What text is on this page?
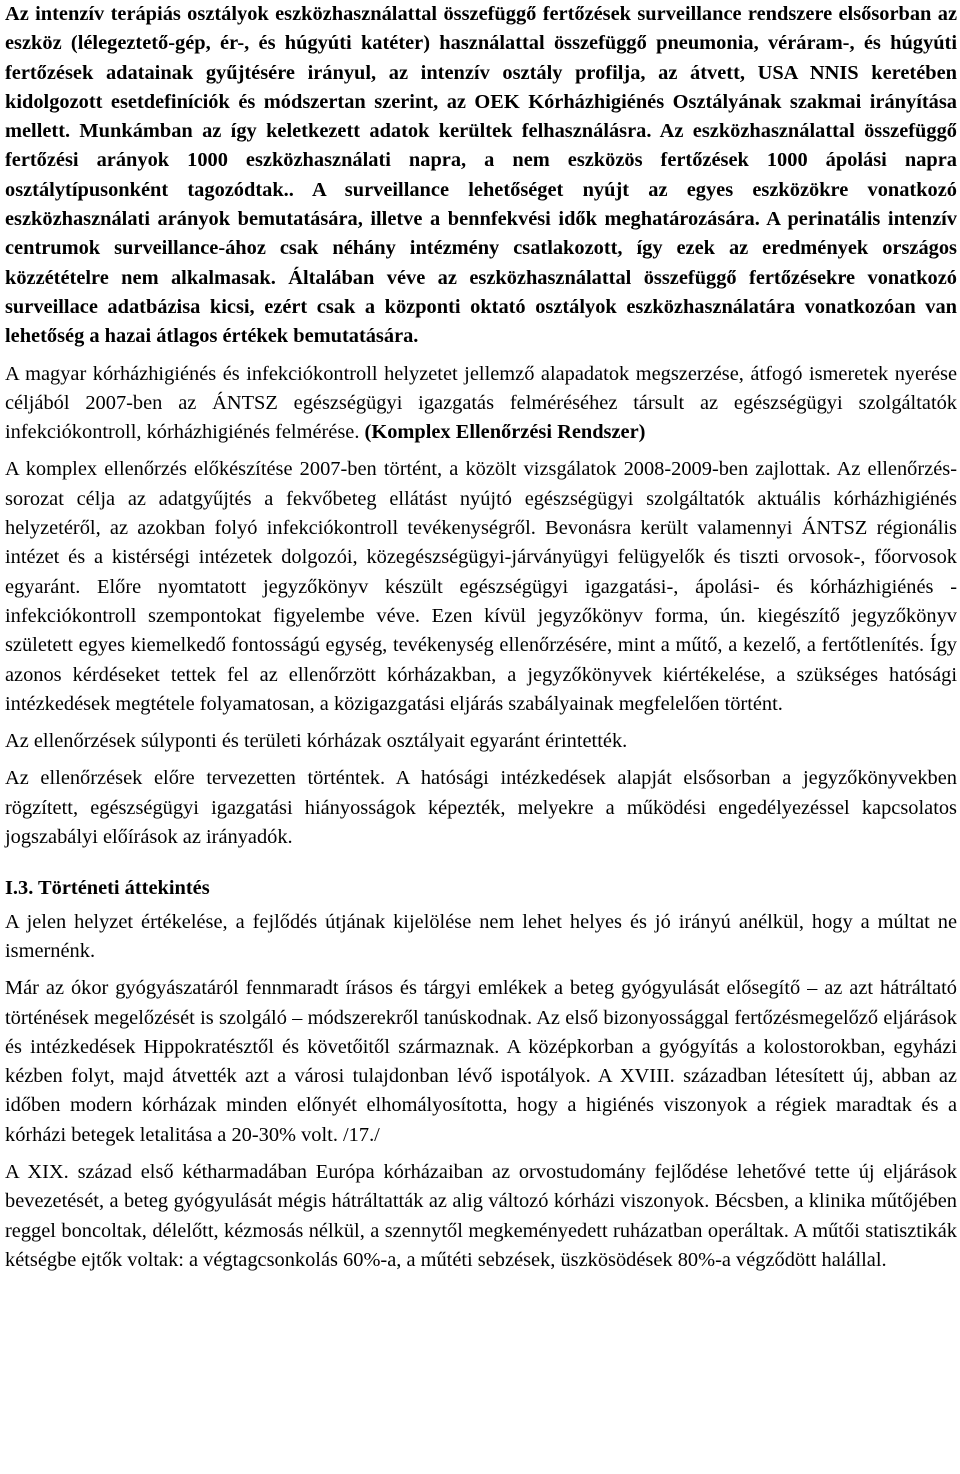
Az intenzív terápiás osztályok eszközhasználattal összefüggő fertőzések surveillance rendszere elsősorban az eszköz (lélegeztető-gép, ér-, és húgyúti katéter) használattal összefüggő pneumonia, véráram-, és húgyúti fertőzések adatainak gyűjtésére irányul, az intenzív osztály profilja, az átvett, USA NNIS keretében kidolgozott esetdefiníciók és módszertan szerint, az OEK Kórházhigiénés Osztályának szakmai irányítása mellett. Munkámban az így keletkezett adatok kerültek felhasználásra. Az eszközhasználattal összefüggő fertőzési arányok 1000 eszközhasználati napra, a nem eszközös fertőzések 1000 ápolási napra osztálytípusonként tagozódtak.. A surveillance lehetőséget nyújt az egyes eszközökre vonatkozó eszközhasználati arányok bemutatására, illetve a bennfekvési idők meghatározására. A perinatális intenzív centrumok surveillance-ához csak néhány intézmény csatlakozott, így ezek az eredmények országos közzétételre nem alkalmasak. Általában véve az eszközhasználattal összefüggő fertőzésekre vonatkozó surveillace adatbázisa kicsi, ezért csak a központi oktató osztályok eszközhasználatára vonatkozóan van lehetőség a hazai átlagos értékek bemutatására.

A magyar kórházhigiénés és infekciókontroll helyzetet jellemző alapadatok megszerzése, átfogó ismeretek nyerése céljából 2007-ben az ÁNTSZ egészségügyi igazgatás felméréséhez társult az egészségügyi szolgáltatók infekciókontroll, kórházhigiénés felmérése. (Komplex Ellenőrzési Rendszer)

A komplex ellenőrzés előkészítése 2007-ben történt, a közölt vizsgálatok 2008-2009-ben zajlottak. Az ellenőrzés-sorozat célja az adatgyűjtés a fekvőbeteg ellátást nyújtó egészségügyi szolgáltatók aktuális kórházhigiénés helyzetéről, az azokban folyó infekciókontroll tevékenységről. Bevonásra került valamennyi ÁNTSZ régionális intézet és a kistérségi intézetek dolgozói, közegészségügyi-járványügyi felügyelők és tiszti orvosok-, főorvosok egyaránt. Előre nyomtatott jegyzőkönyv készült egészségügyi igazgatási-, ápolási- és kórházhigiénés - infekciókontroll szempontokat figyelembe véve. Ezen kívül jegyzőkönyv forma, ún. kiegészítő jegyzőkönyv született egyes kiemelkedő fontosságú egység, tevékenység ellenőrzésére, mint a műtő, a kezelő, a fertőtlenítés. Így azonos kérdéseket tettek fel az ellenőrzött kórházakban, a jegyzőkönyvek kiértékelése, a szükséges hatósági intézkedések megtétele folyamatosan, a közigazgatási eljárás szabályainak megfelelően történt.

Az ellenőrzések súlyponti és területi kórházak osztályait egyaránt érintették.

Az ellenőrzések előre tervezetten történtek. A hatósági intézkedések alapját elsősorban a jegyzőkönyvekben rögzített, egészségügyi igazgatási hiányosságok képezték, melyekre a működési engedélyezéssel kapcsolatos jogszabályi előírások az irányadók.

I.3. Történeti áttekintés

A jelen helyzet értékelése, a fejlődés útjának kijelölése nem lehet helyes és jó irányú anélkül, hogy a múltat ne ismernénk.

Már az ókor gyógyászatáról fennmaradt írásos és tárgyi emlékek a beteg gyógyulását elősegítő – az azt hátráltató történések megelőzését is szolgáló – módszerekről tanúskodnak. Az első bizonyossággal fertőzésmegelőző eljárások és intézkedések Hippokratésztől és követőitől származnak. A középkorban a gyógyítás a kolostorokban, egyházi kézben folyt, majd átvették azt a városi tulajdonban lévő ispotályok. A XVIII. században létesített új, abban az időben modern kórházak minden előnyét elhomályosította, hogy a higiénés viszonyok a régiek maradtak és a kórházi betegek letalitása a 20-30% volt. /17./

A XIX. század első kétharmadában Európa kórházaiban az orvostudomány fejlődése lehetővé tette új eljárások bevezetését, a beteg gyógyulását mégis hátráltatták az alig változó kórházi viszonyok. Bécsben, a klinika műtőjében reggel boncoltak, délelőtt, kézmosás nélkül, a szennytől megkeményedett ruházatban operáltak. A műtői statisztikák kétségbe ejtők voltak: a végtagcsonkolás 60%-a, a műtéti sebzések, üszkösödések 80%-a végződött halállal.
